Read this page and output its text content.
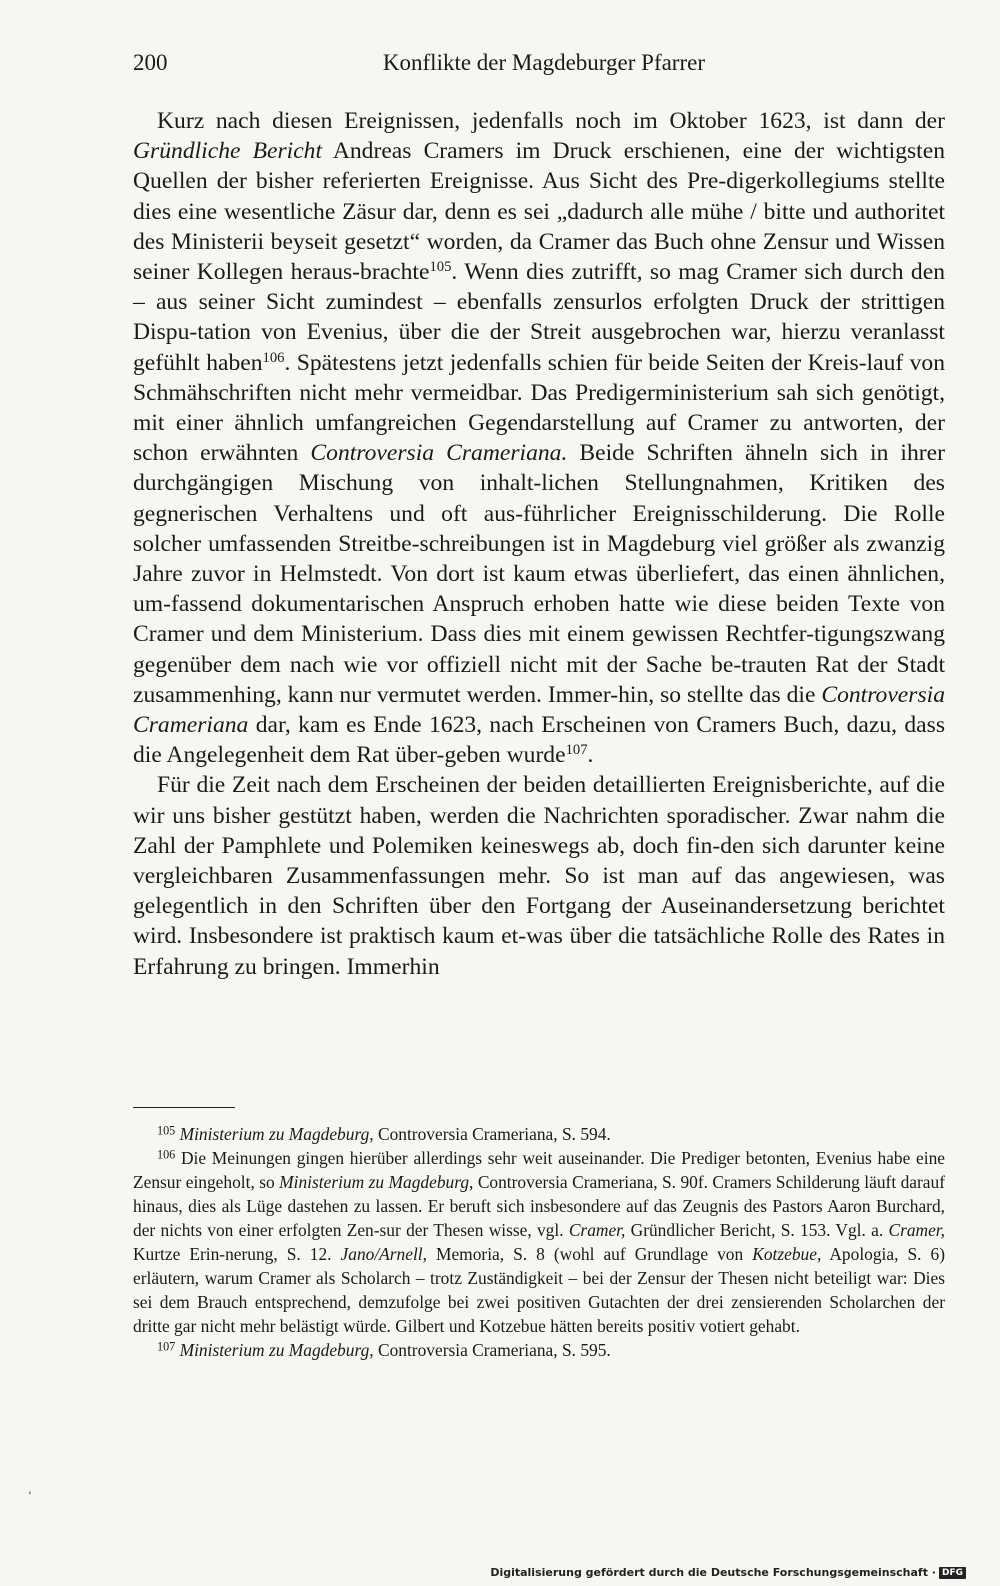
200	Konflikte der Magdeburger Pfarrer

Kurz nach diesen Ereignissen, jedenfalls noch im Oktober 1623, ist dann der Gründliche Bericht Andreas Cramers im Druck erschienen, eine der wichtigsten Quellen der bisher referierten Ereignisse. Aus Sicht des Pre-digerkollegiums stellte dies eine wesentliche Zäsur dar, denn es sei „dadurch alle mühe / bitte und authoritet des Ministerii beyseit gesetzt“ worden, da Cramer das Buch ohne Zensur und Wissen seiner Kollegen heraus-brachte$^{105}$. Wenn dies zutrifft, so mag Cramer sich durch den – aus seiner Sicht zumindest – ebenfalls zensurlos erfolgten Druck der strittigen Dispu-tation von Evenius, über die der Streit ausgebrochen war, hierzu veranlasst gefühlt haben$^{106}$. Spätestens jetzt jedenfalls schien für beide Seiten der Kreis-lauf von Schmähschriften nicht mehr vermeidbar. Das Predigerministerium sah sich genötigt, mit einer ähnlich umfangreichen Gegendarstellung auf Cramer zu antworten, der schon erwähnten Controversia Crameriana. Beide Schriften ähneln sich in ihrer durchgängigen Mischung von inhalt-lichen Stellungnahmen, Kritiken des gegnerischen Verhaltens und oft aus-führlicher Ereignisschilderung. Die Rolle solcher umfassenden Streitbe-schreibungen ist in Magdeburg viel größer als zwanzig Jahre zuvor in Helmstedt. Von dort ist kaum etwas überliefert, das einen ähnlichen, um-fassend dokumentarischen Anspruch erhoben hatte wie diese beiden Texte von Cramer und dem Ministerium. Dass dies mit einem gewissen Rechtfer-tigungszwang gegenüber dem nach wie vor offiziell nicht mit der Sache be-trauten Rat der Stadt zusammenhing, kann nur vermutet werden. Immer-hin, so stellte das die Controversia Crameriana dar, kam es Ende 1623, nach Erscheinen von Cramers Buch, dazu, dass die Angelegenheit dem Rat über-geben wurde$^{107}$.

Für die Zeit nach dem Erscheinen der beiden detaillierten Ereignisberichte, auf die wir uns bisher gestützt haben, werden die Nachrichten sporadischer. Zwar nahm die Zahl der Pamphlete und Polemiken keineswegs ab, doch fin-den sich darunter keine vergleichbaren Zusammenfassungen mehr. So ist man auf das angewiesen, was gelegentlich in den Schriften über den Fortgang der Auseinandersetzung berichtet wird. Insbesondere ist praktisch kaum et-was über die tatsächliche Rolle des Rates in Erfahrung zu bringen. Immerhin

$^{105}$ Ministerium zu Magdeburg, Controversia Crameriana, S. 594.

$^{106}$ Die Meinungen gingen hierüber allerdings sehr weit auseinander. Die Prediger betonten, Evenius habe eine Zensur eingeholt, so Ministerium zu Magdeburg, Controversia Crameriana, S. 90f. Cramers Schilderung läuft darauf hinaus, dies als Lüge dastehen zu lassen. Er beruft sich insbesondere auf das Zeugnis des Pastors Aaron Burchard, der nichts von einer erfolgten Zen-sur der Thesen wisse, vgl. Cramer, Gründlicher Bericht, S. 153. Vgl. a. Cramer, Kurtze Erin-nerung, S. 12. Jano/Arnell, Memoria, S. 8 (wohl auf Grundlage von Kotzebue, Apologia, S. 6) erläutern, warum Cramer als Scholarch – trotz Zuständigkeit – bei der Zensur der Thesen nicht beteiligt war: Dies sei dem Brauch entsprechend, demzufolge bei zwei positiven Gutachten der drei zensierenden Scholarchen der dritte gar nicht mehr belästigt würde. Gilbert und Kotzebue hätten bereits positiv votiert gehabt.

$^{107}$ Ministerium zu Magdeburg, Controversia Crameriana, S. 595.

‘
Digitalisierung gefördert durch die Deutsche Forschungsgemeinschaft · DFG
